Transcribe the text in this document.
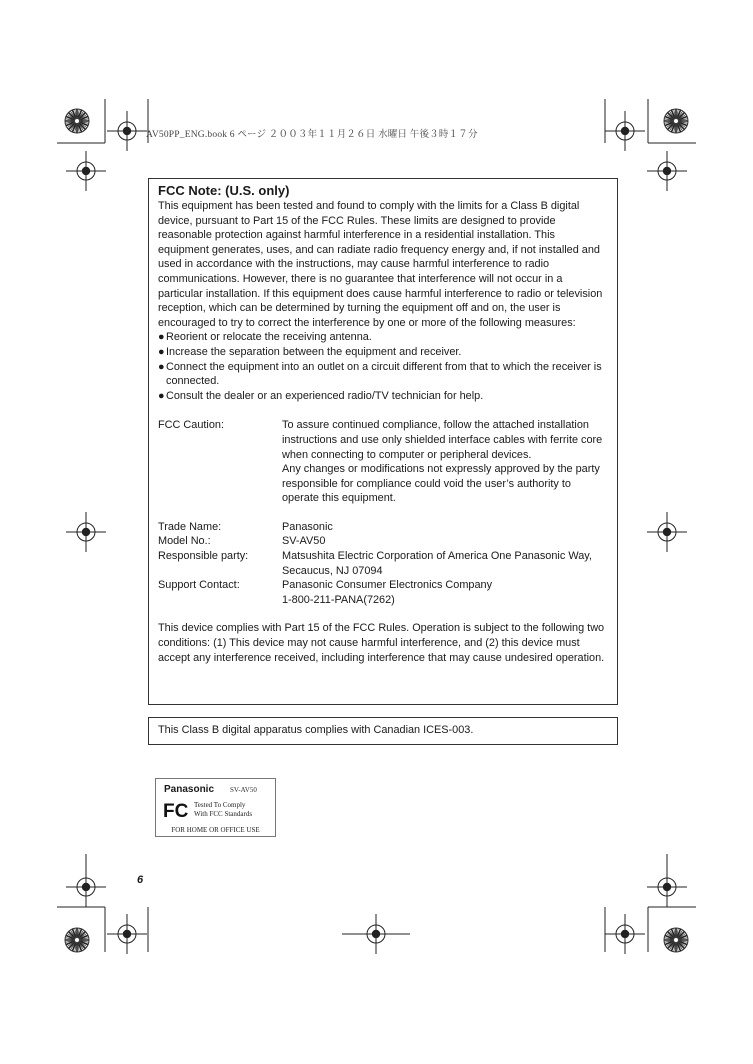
AV50PP_ENG.book 6 ページ ２００３年１１月２６日 水曜日 午後３時１７分

FCC Note: (U.S. only)

This equipment has been tested and found to comply with the limits for a Class B digital device, pursuant to Part 15 of the FCC Rules. These limits are designed to provide reasonable protection against harmful interference in a residential installation. This equipment generates, uses, and can radiate radio frequency energy and, if not installed and used in accordance with the instructions, may cause harmful interference to radio communications. However, there is no guarantee that interference will not occur in a particular installation. If this equipment does cause harmful interference to radio or television reception, which can be determined by turning the equipment off and on, the user is encouraged to try to correct the interference by one or more of the following measures:

● Reorient or relocate the receiving antenna.
● Increase the separation between the equipment and receiver.
● Connect the equipment into an outlet on a circuit different from that to which the receiver is connected.
● Consult the dealer or an experienced radio/TV technician for help.
FCC Caution:	To assure continued compliance, follow the attached installation instructions and use only shielded interface cables with ferrite core when connecting to computer or peripheral devices.
Any changes or modifications not expressly approved by the party responsible for compliance could void the user’s authority to operate this equipment.
Trade Name:	Panasonic
Model No.:	SV-AV50
Responsible party:	Matsushita Electric Corporation of America One Panasonic Way, Secaucus, NJ 07094
Support Contact:	Panasonic Consumer Electronics Company
1-800-211-PANA(7262)

This device complies with Part 15 of the FCC Rules. Operation is subject to the following two conditions: (1) This device may not cause harmful interference, and (2) this device must accept any interference received, including interference that may cause undesired operation.

This Class B digital apparatus complies with Canadian ICES-003.
Panasonic SV-AV50
FC Tested To Comply
With FCC Standards
FOR HOME OR OFFICE USE
6
